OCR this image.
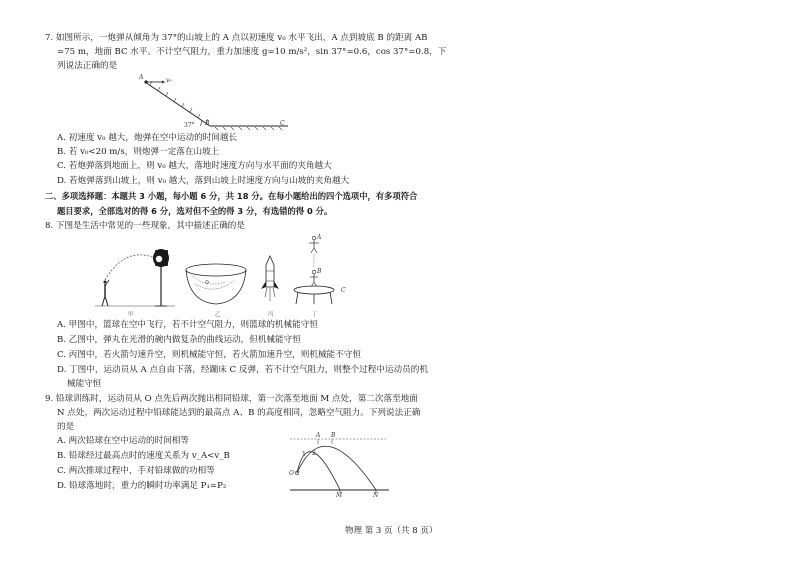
7. 如图所示，一炮弹从倾角为 37°的山坡上的 A 点以初速度 v₀ 水平飞出，A 点到坡底 B 的距离 AB
=75 m，地面 BC 水平。不计空气阻力，重力加速度 g=10 m/s²，sin 37°=0.6，cos 37°=0.8，下
列说法正确的是
A	v₀
37° B	C
A. 初速度 v₀ 越大，炮弹在空中运动的时间越长
B. 若 v₀<20 m/s，则炮弹一定落在山坡上
C. 若炮弹落到地面上，则 v₀ 越大，落地时速度方向与水平面的夹角越大
D. 若炮弹落到山坡上，则 v₀ 越大，落到山坡上时速度方向与山坡的夹角越大
二、多项选择题：本题共 3 小题，每小题 6 分，共 18 分。在每小题给出的四个选项中，有多项符合
题目要求，全部选对的得 6 分，选对但不全的得 3 分，有选错的得 0 分。
8. 下图是生活中常见的一些现象，其中描述正确的是
甲	乙	丙
A
B
C
丁
A. 甲图中，篮球在空中飞行，若不计空气阻力，则篮球的机械能守恒
B. 乙图中，弹丸在光滑的碗内做复杂的曲线运动，但机械能守恒
C. 丙图中，若火箭匀速升空，则机械能守恒，若火箭加速升空，则机械能不守恒
D. 丁图中，运动员从 A 点自由下落，经蹦床 C 反弹，若不计空气阻力，则整个过程中运动员的机
械能守恒
9. 铅球训练时，运动员从 O 点先后两次抛出相同铅球，第一次落至地面 M 点处，第二次落至地面
N 点处，两次运动过程中铅球能达到的最高点 A、B 的高度相同，忽略空气阻力。下列说法正确
的是
A. 两次铅球在空中运动的时间相等
B. 铅球经过最高点时的速度关系为 v_A<v_B
C. 两次推球过程中，手对铅球做的功相等
D. 铅球落地时，重力的瞬时功率满足 P₁=P₂
A B
1 2
O
M	N
物理 第 3 页（共 8 页）
